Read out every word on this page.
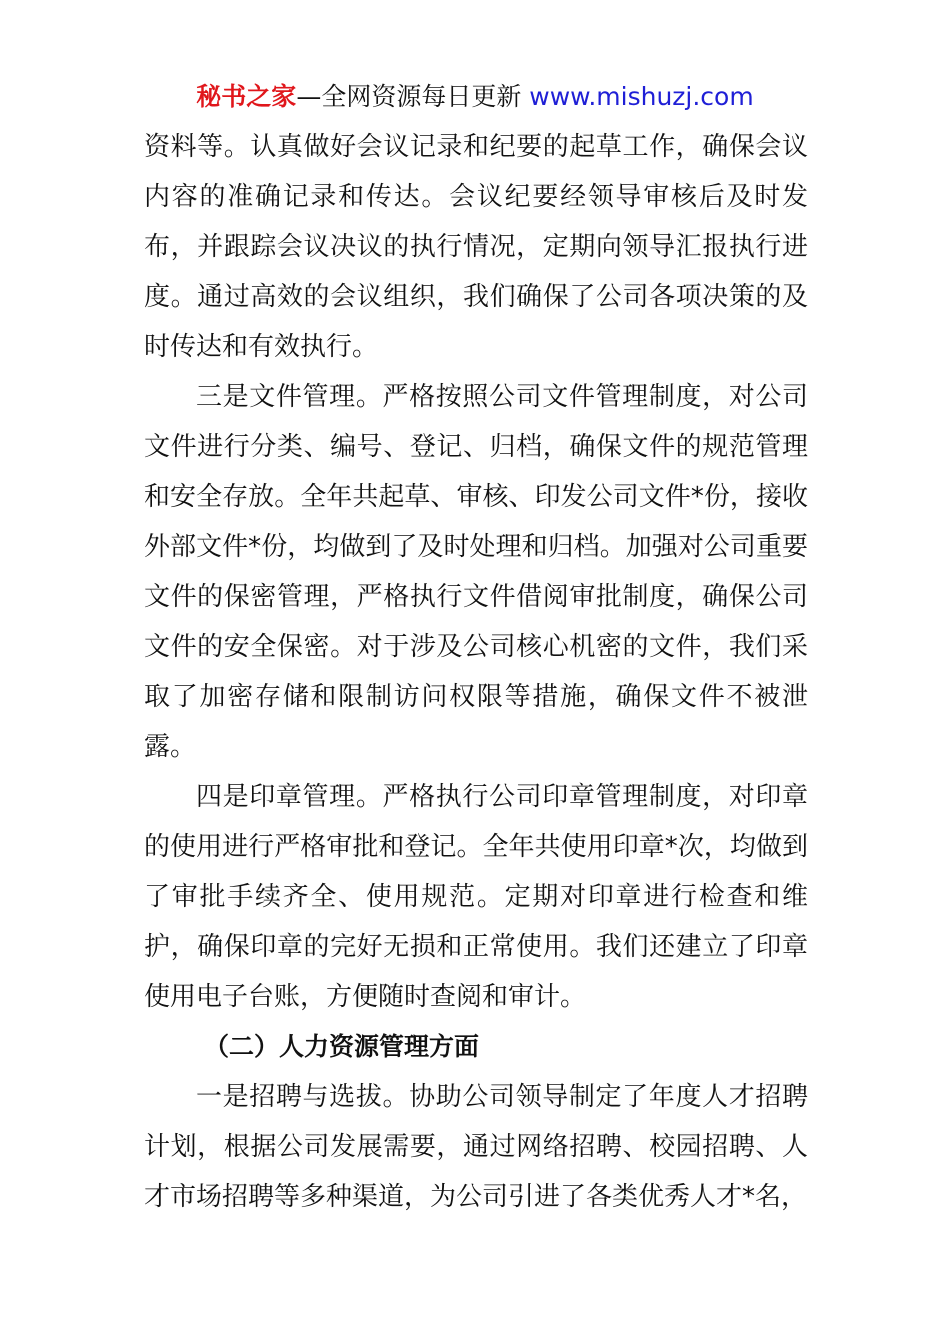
秘书之家—全网资源每日更新 www.mishuzj.com

资料等。认真做好会议记录和纪要的起草工作，确保会议内容的准确记录和传达。会议纪要经领导审核后及时发布，并跟踪会议决议的执行情况，定期向领导汇报执行进度。通过高效的会议组织，我们确保了公司各项决策的及时传达和有效执行。

三是文件管理。严格按照公司文件管理制度，对公司文件进行分类、编号、登记、归档，确保文件的规范管理和安全存放。全年共起草、审核、印发公司文件*份，接收外部文件*份，均做到了及时处理和归档。加强对公司重要文件的保密管理，严格执行文件借阅审批制度，确保公司文件的安全保密。对于涉及公司核心机密的文件，我们采取了加密存储和限制访问权限等措施，确保文件不被泄露。

四是印章管理。严格执行公司印章管理制度，对印章的使用进行严格审批和登记。全年共使用印章*次，均做到了审批手续齐全、使用规范。定期对印章进行检查和维护，确保印章的完好无损和正常使用。我们还建立了印章使用电子台账，方便随时查阅和审计。

（二）人力资源管理方面

一是招聘与选拔。协助公司领导制定了年度人才招聘计划，根据公司发展需要，通过网络招聘、校园招聘、人才市场招聘等多种渠道，为公司引进了各类优秀人才*名，
